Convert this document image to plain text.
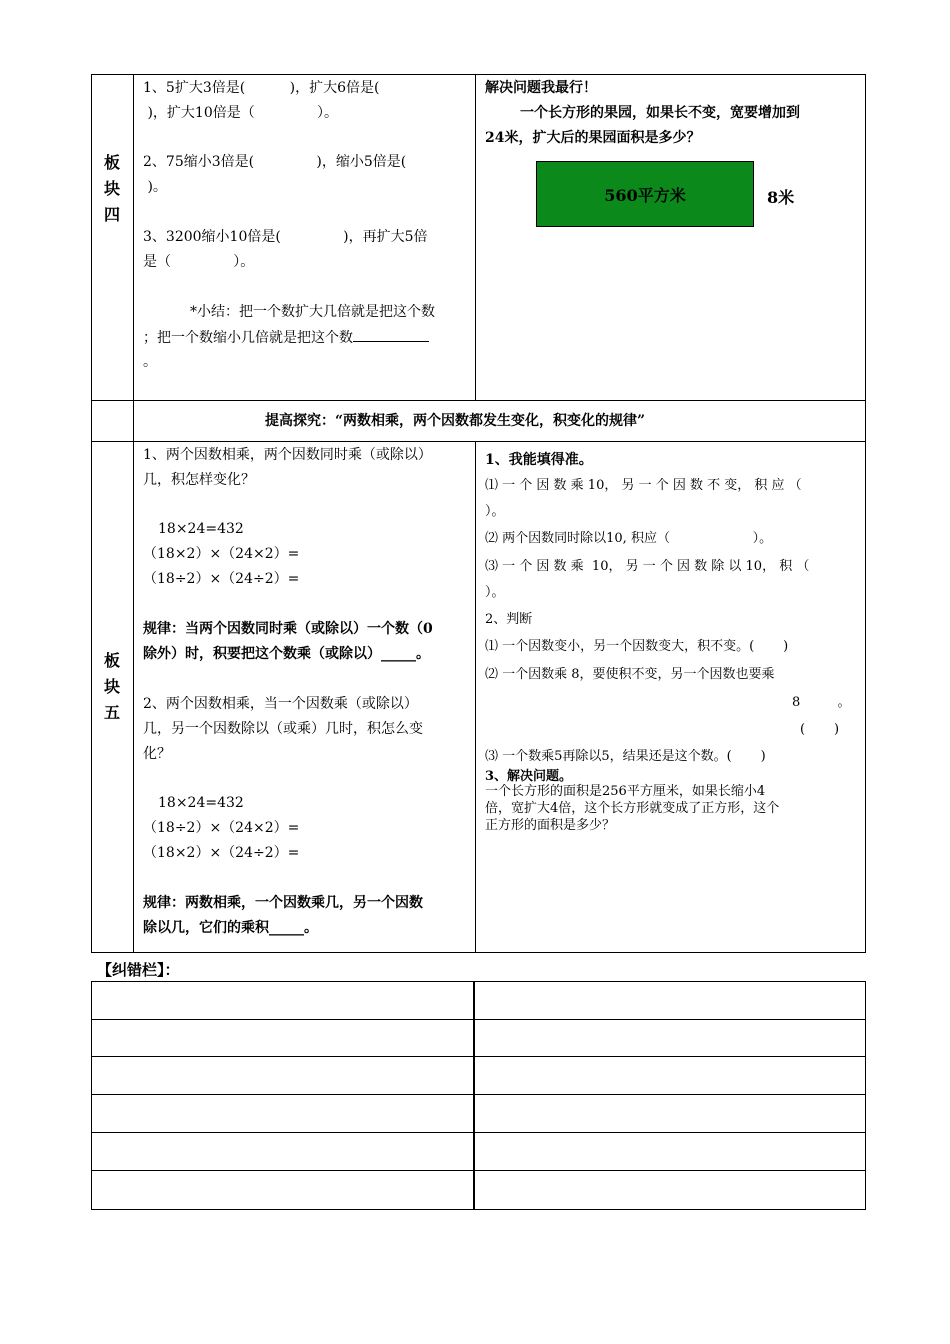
板
块
四
1、5扩大3倍是(          )，扩大6倍是(
)，扩大10倍是（              ）。
2、75缩小3倍是(              )，缩小5倍是(
)。
3、3200缩小10倍是(              )，再扩大5倍
是（              ）。
*小结：把一个数扩大几倍就是把这个数
；把一个数缩小几倍就是把这个数
。
解决问题我最行！
一个长方形的果园，如果长不变，宽要增加到
24米，扩大后的果园面积是多少？
560平方米	8米
提高探究：“两数相乘，两个因数都发生变化，积变化的规律”
板
块
五
1、两个因数相乘，两个因数同时乘（或除以）
几，积怎样变化？
18×24=432
（18×2）×（24×2）=
（18÷2）×（24÷2）=
规律：当两个因数同时乘（或除以）一个数（0
除外）时，积要把这个数乘（或除以）_____。
2、两个因数相乘，当一个因数乘（或除以）
几，另一个因数除以（或乘）几时，积怎么变
化？
18×24=432
（18÷2）×（24×2）=
（18×2）×（24÷2）=
规律：两数相乘，一个因数乘几，另一个因数
除以几，它们的乘积_____。
1、我能填得准。
⑴ 一 个 因 数 乘 10， 另 一 个 因 数 不 变， 积 应 （
）。
⑵ 两个因数同时除以10, 积应（                    ）。
⑶ 一 个 因 数 乘  10， 另 一 个 因 数 除 以 10， 积 （
）。
2、判断
⑴ 一个因数变小，另一个因数变大，积不变。(       )
⑵ 一个因数乘 8，要使积不变，另一个因数也要乘
8         。
(       )
⑶ 一个数乘5再除以5，结果还是这个数。(       )
3、解决问题。
一个长方形的面积是256平方厘米，如果长缩小4
倍，宽扩大4倍，这个长方形就变成了正方形，这个
正方形的面积是多少？
【纠错栏】：
